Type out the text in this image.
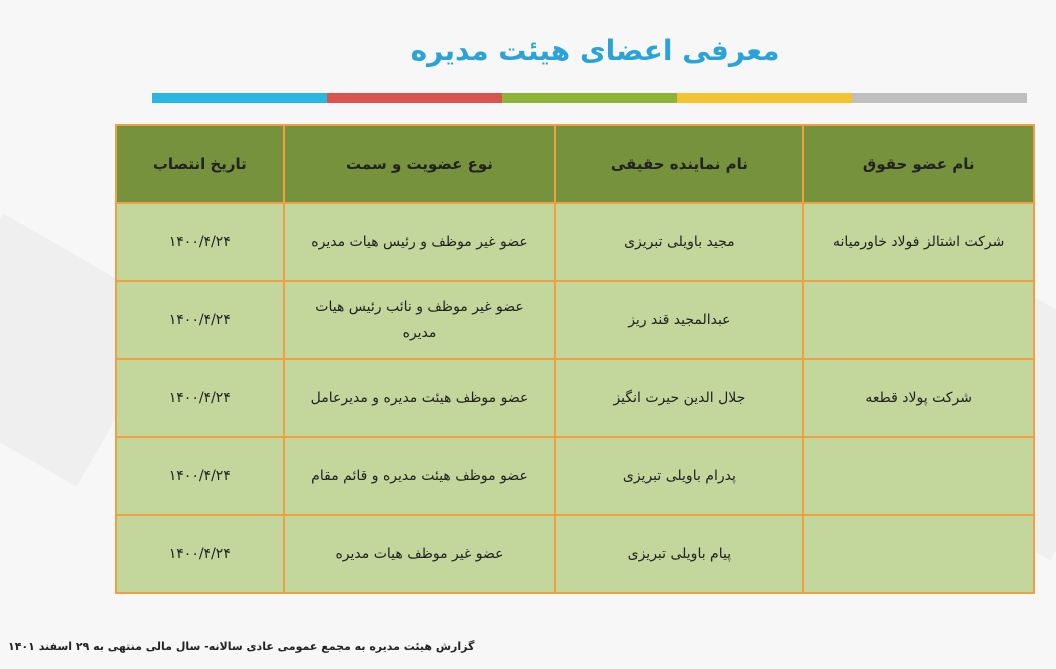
معرفی اعضای هیئت مدیره
نام عضو حقوق	نام نماینده حقیقی	نوع عضویت و سمت	تاریخ انتصاب
شرکت اشتالز فولاد خاورمیانه	مجید باویلی تبریزی	عضو غیر موظف و رئیس هیات مدیره	۱۴۰۰/۴/۲۴
	عبدالمجید قند ریز	عضو غیر موظف و نائب رئیس هیات مدیره	۱۴۰۰/۴/۲۴
شرکت پولاد قطعه	جلال الدین حیرت انگیز	عضو موظف هیئت مدیره و مدیرعامل	۱۴۰۰/۴/۲۴
	پدرام باویلی تبریزی	عضو موظف هیئت مدیره و قائم مقام	۱۴۰۰/۴/۲۴
	پیام باویلی تبریزی	عضو غیر موظف هیات مدیره	۱۴۰۰/۴/۲۴
گزارش هیئت مدیره به مجمع عمومی عادی سالانه- سال مالی منتهی به ۲۹ اسفند ۱۴۰۱
